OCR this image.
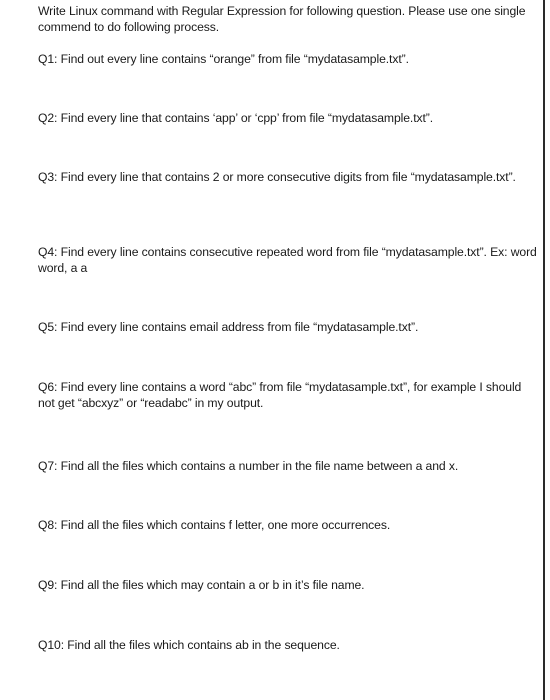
Write Linux command with Regular Expression for following question. Please use one single commend to do following process.

Q1: Find out every line contains “orange” from file “mydatasample.txt”.

Q2: Find every line that contains ‘app’ or ‘cpp’ from file “mydatasample.txt”.

Q3: Find every line that contains 2 or more consecutive digits from file “mydatasample.txt”.

Q4: Find every line contains consecutive repeated word from file “mydatasample.txt”. Ex: word word, a a

Q5: Find every line contains email address from file “mydatasample.txt”.

Q6: Find every line contains a word “abc” from file “mydatasample.txt”, for example I should not get “abcxyz” or “readabc” in my output.

Q7: Find all the files which contains a number in the file name between a and x.

Q8: Find all the files which contains f letter, one more occurrences.

Q9: Find all the files which may contain a or b in it’s file name.

Q10: Find all the files which contains ab in the sequence.
